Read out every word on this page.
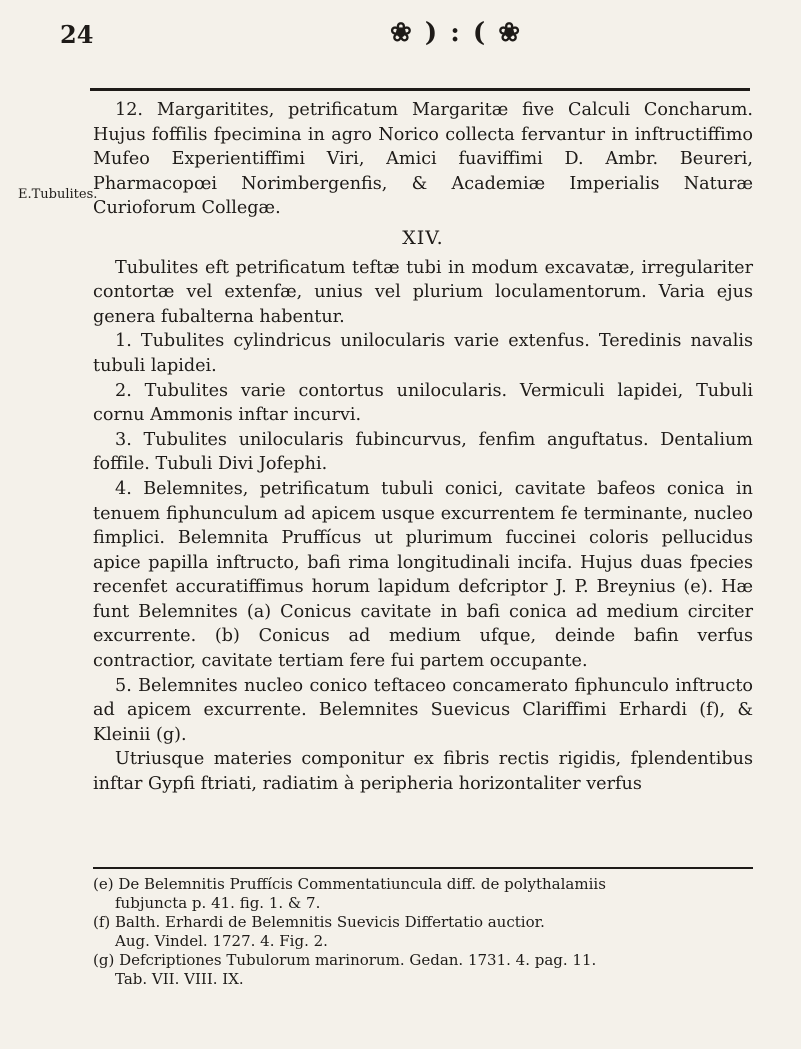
24	❀ ) : ( ❀
E.Tubulites.

12. Margaritites, petrificatum Margaritæ five Calculi Concharum. Hujus foffilis fpecimina in agro Norico collecta fervantur in inftructiffimo Mufeo Experientiffimi Viri, Amici fuaviffimi D. Ambr. Beureri, Pharmacopœi Norimbergenfis, & Academiæ Imperialis Naturæ Curioforum Collegæ.

XIV.

Tubulites eft petrificatum teftæ tubi in modum excavatæ, irregulariter contortæ vel extenfæ, unius vel plurium loculamentorum. Varia ejus genera fubalterna habentur.

1. Tubulites cylindricus unilocularis varie extenfus. Teredinis navalis tubuli lapidei.

2. Tubulites varie contortus unilocularis. Vermiculi lapidei, Tubuli cornu Ammonis inftar incurvi.

3. Tubulites unilocularis fubincurvus, fenfim anguftatus. Dentalium foffile. Tubuli Divi Jofephi.

4. Belemnites, petrificatum tubuli conici, cavitate bafeos conica in tenuem fiphunculum ad apicem usque excurrentem fe terminante, nucleo fimplici. Belemnita Pruffícus ut plurimum fuccinei coloris pellucidus apice papilla inftructo, bafi rima longitudinali incifa. Hujus duas fpecies recenfet accuratiffimus horum lapidum defcriptor J. P. Breynius (e). Hæ funt Belemnites (a) Conicus cavitate in bafi conica ad medium circiter excurrente. (b) Conicus ad medium ufque, deinde bafin verfus contractior, cavitate tertiam fere fui partem occupante.

5. Belemnites nucleo conico teftaceo concamerato fiphunculo inftructo ad apicem excurrente. Belemnites Suevicus Clariffimi Erhardi (f), & Kleinii (g).

Utriusque materies componitur ex fibris rectis rigidis, fplendentibus inftar Gypfi ftriati, radiatim à peripheria horizontaliter verfus

(e) De Belemnitis Pruffícis Commentatiuncula diff. de polythalamiis

fubjuncta p. 41. fig. 1. & 7.

(f) Balth. Erhardi de Belemnitis Suevicis Differtatio auctior.

Aug. Vindel. 1727. 4. Fig. 2.

(g) Defcriptiones Tubulorum marinorum. Gedan. 1731. 4. pag. 11.

Tab. VII. VIII. IX.
